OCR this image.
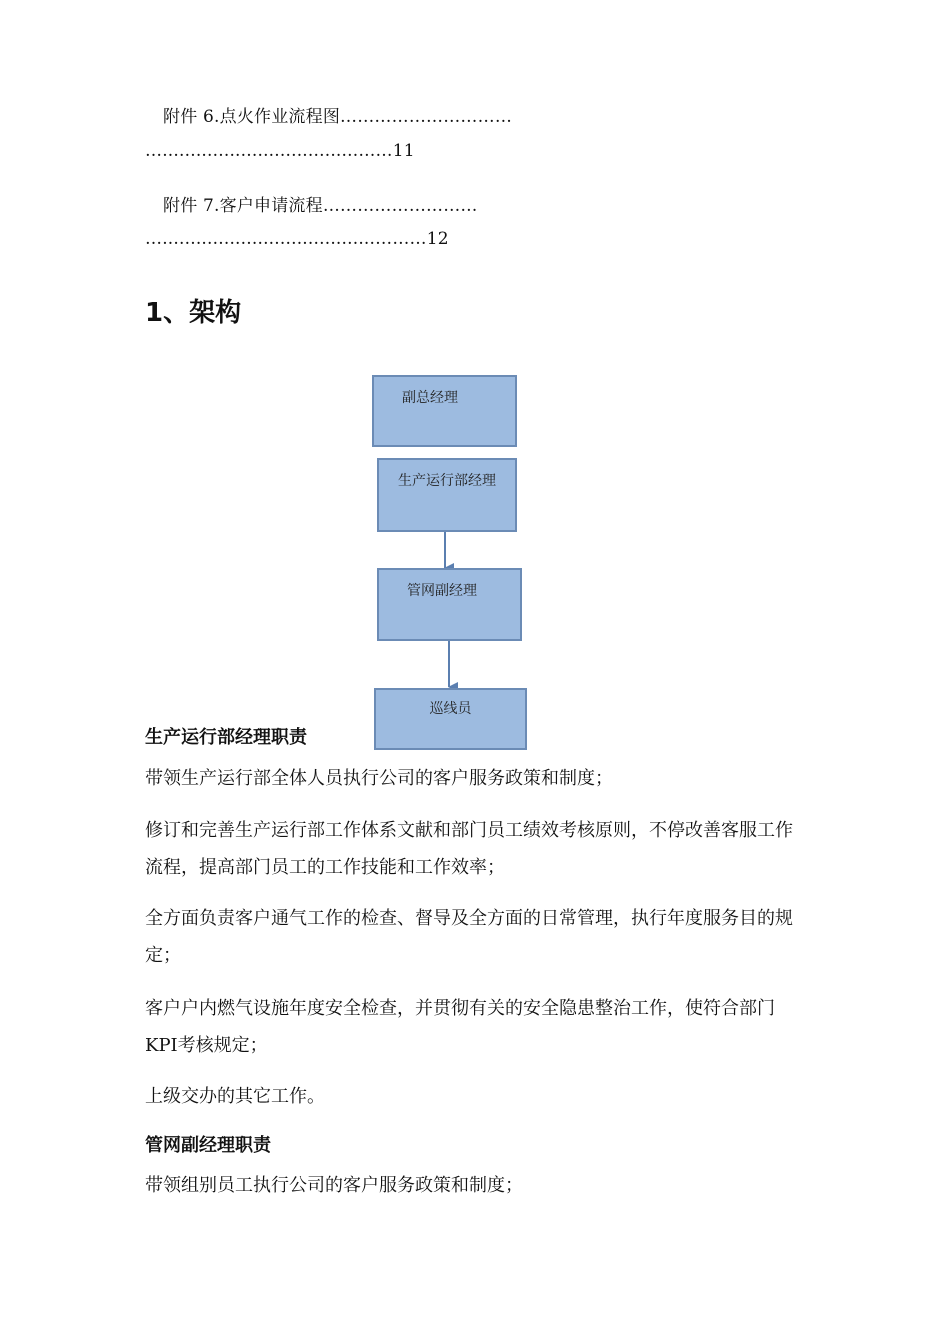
附件 6.点火作业流程图…………………………
…...................................……11
附件 7.客户申请流程………………………
…......................................………12
1、架构
副总经理
生产运行部经理
管网副经理
巡线员
生产运行部经理职责
带领生产运行部全体人员执行公司的客户服务政策和制度；
修订和完善生产运行部工作体系文献和部门员工绩效考核原则，不停改善客服工作流程，提高部门员工的工作技能和工作效率；
全方面负责客户通气工作的检查、督导及全方面的日常管理，执行年度服务目的规定；
客户户内燃气设施年度安全检查，并贯彻有关的安全隐患整治工作，使符合部门KPI考核规定；
上级交办的其它工作。
管网副经理职责
带领组别员工执行公司的客户服务政策和制度；
